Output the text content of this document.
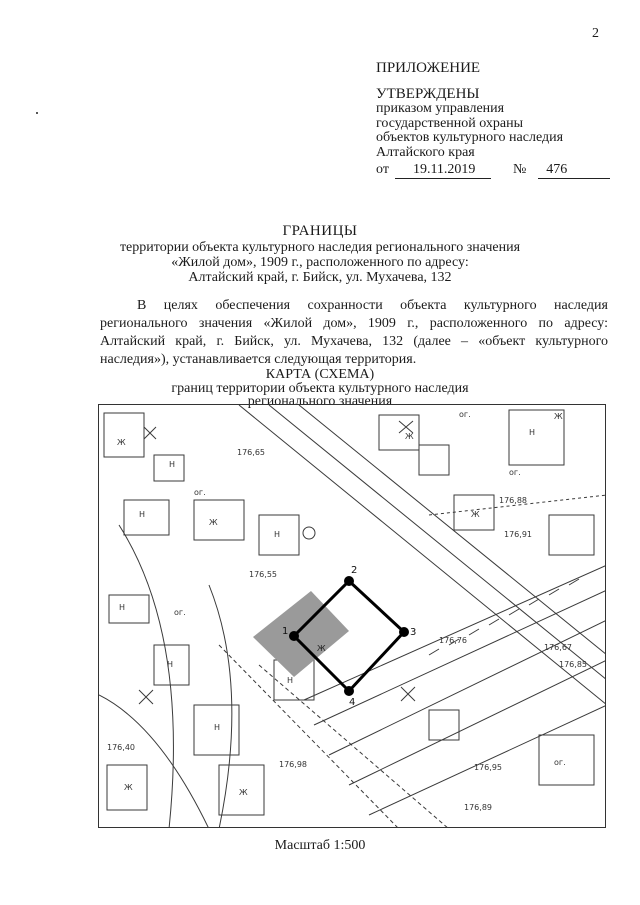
2
ПРИЛОЖЕНИЕ
УТВЕРЖДЕНЫ
приказом управления
государственной охраны
объектов культурного наследия
Алтайского края
от	19.11.2019	№	476
ГРАНИЦЫ
территории объекта культурного наследия регионального значения
«Жилой дом», 1909 г., расположенного по адресу:
Алтайский край, г. Бийск, ул. Мухачева, 132
В целях обеспечения сохранности объекта культурного наследия регионального значения «Жилой дом», 1909 г., расположенного по адресу: Алтайский край, г. Бийск, ул. Мухачева, 132 (далее – «объект культурного наследия»), устанавливается следующая территория.
КАРТА (СХЕМА)
границ территории объекта культурного наследия
регионального значения
2
3
4
1
Ж
Ж
Ж
Ж
Ж
Ж
Ж
Н
Н
Н
Н
Н
Н
Н
Н
ог.
ог.
ог.
ог.
ог.
176,65
176,88
176,55
176,91
176,76
176,67
176,40
176,95
176,89
176,98
176,85
Ж
Масштаб 1:500
